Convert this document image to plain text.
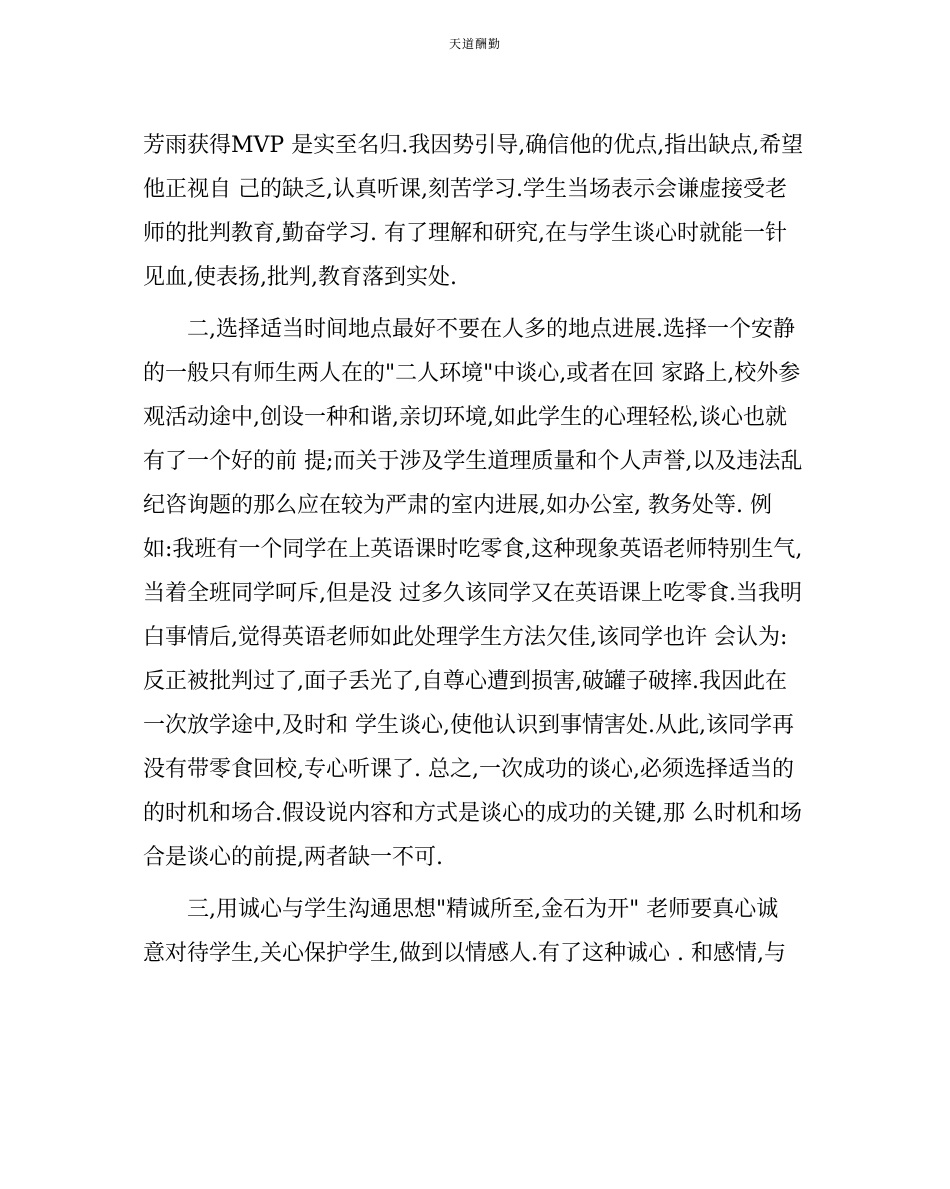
天道酬勤
芳雨获得MVP 是实至名归.我因势引导,确信他的优点,指出缺点,希望
他正视自 己的缺乏,认真听课,刻苦学习.学生当场表示会谦虚接受老
师的批判教育,勤奋学习. 有了理解和研究,在与学生谈心时就能一针
见血,使表扬,批判,教育落到实处.
　　二,选择适当时间地点最好不要在人多的地点进展.选择一个安静
的一般只有师生两人在的"二人环境"中谈心,或者在回 家路上,校外参
观活动途中,创设一种和谐,亲切环境,如此学生的心理轻松,谈心也就
有了一个好的前 提;而关于涉及学生道理质量和个人声誉,以及违法乱
纪咨询题的那么应在较为严肃的室内进展,如办公室, 教务处等. 例
如:我班有一个同学在上英语课时吃零食,这种现象英语老师特别生气,
当着全班同学呵斥,但是没 过多久该同学又在英语课上吃零食.当我明
白事情后,觉得英语老师如此处理学生方法欠佳,该同学也许 会认为:
反正被批判过了,面子丢光了,自尊心遭到损害,破罐子破摔.我因此在
一次放学途中,及时和 学生谈心,使他认识到事情害处.从此,该同学再
没有带零食回校,专心听课了. 总之,一次成功的谈心,必须选择适当的
的时机和场合.假设说内容和方式是谈心的成功的关键,那 么时机和场
合是谈心的前提,两者缺一不可.
　　三,用诚心与学生沟通思想"精诚所至,金石为开" 老师要真心诚
意对待学生,关心保护学生,做到以情感人.有了这种诚心 . 和感情,与
